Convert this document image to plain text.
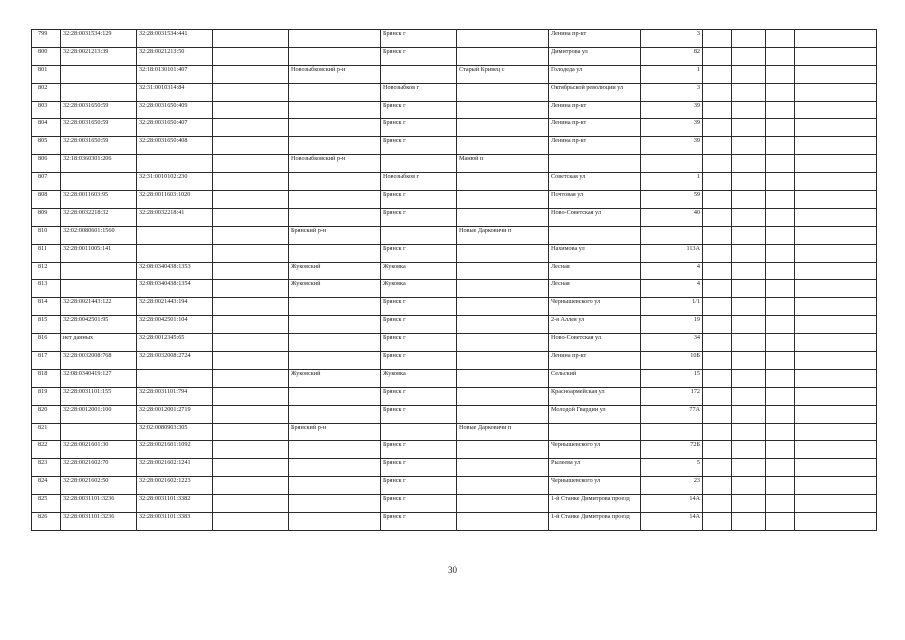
799	32:28:0031534:129	32:28:0031534:441			Брянск г		Ленина пр-кт	3				
800	32:28:0021213:39	32:28:0021213:50			Брянск г		Димитрова ул	82				
801		32:18:0130101:407		Новозыбковский р-н		Старый Кривец с	Голодеда ул	1				
802		32:31:0010314:84			Новозыбков г		Октябрьской революции ул	3				
803	32:28:0031650:59	32:28:0031650:409			Брянск г		Ленина пр-кт	39				
804	32:28:0031650:59	32:28:0031650:407			Брянск г		Ленина пр-кт	39				
805	32:28:0031650:59	32:28:0031650:408			Брянск г		Ленина пр-кт	39				
806	32:18:0360301:206			Новозыбковский р-н		Манюй п						
807		32:31:0010102:230			Новозыбков г		Советская ул	1				
808	32:28:0011603:95	32:28:0011603:1020			Брянск г		Почтовая ул	59				
809	32:28:0032218:32	32:28:0032218:41			Брянск г		Ново-Советская ул	40				
810	32:02:0080601:1560			Брянский р-н		Новые Дарковичи п						
811	32:28:0011005:141				Брянск г		Нахимова ул	113А				
812		32:08:0340438:1353		Жуковский	Жуковка		Лесная	4				
813		32:08:0340438:1354		Жуковский	Жуковка		Лесная	4				
814	32:28:0021443:122	32:28:0021443:194			Брянск г		Чернышевского ул	1/1				
815	32:28:0042501:95	32:28:0042501:104			Брянск г		2-я Аллея ул	19				
816	нет данных	32:28:0012345:65			Брянск г		Ново-Советская ул	34				
817	32:28:0032008:768	32:28:0032008:2724			Брянск г		Ленина пр-кт	10Б				
818	32:08:0340419:127			Жуковский	Жуковка		Сельский	15				
819	32:28:0031101:155	32:28:0031101:794			Брянск г		Красноармейская ул	172				
820	32:28:0012001:100	32:28:0012001:2719			Брянск г		Молодой Гвардии ул	77А				
821		32:02:0080903:305		Брянский р-н		Новые Дарковичи п						
822	32:28:0021601:30	32:28:0021601:1092			Брянск г		Чернышевского ул	72Б				
823	32:28:0021602:70	32:28:0021602:1241			Брянск г		Рылеева ул	5				
824	32:28:0021602:50	32:28:0021602:1223			Брянск г		Чернышевского ул	23				
825	32:28:0031101:3236	32:28:0031101:3382			Брянск г		1-й Станке Димитрова проезд	14А				
826	32:28:0031101:3236	32:28:0031101:3383			Брянск г		1-й Станке Димитрова проезд	14А				
30
